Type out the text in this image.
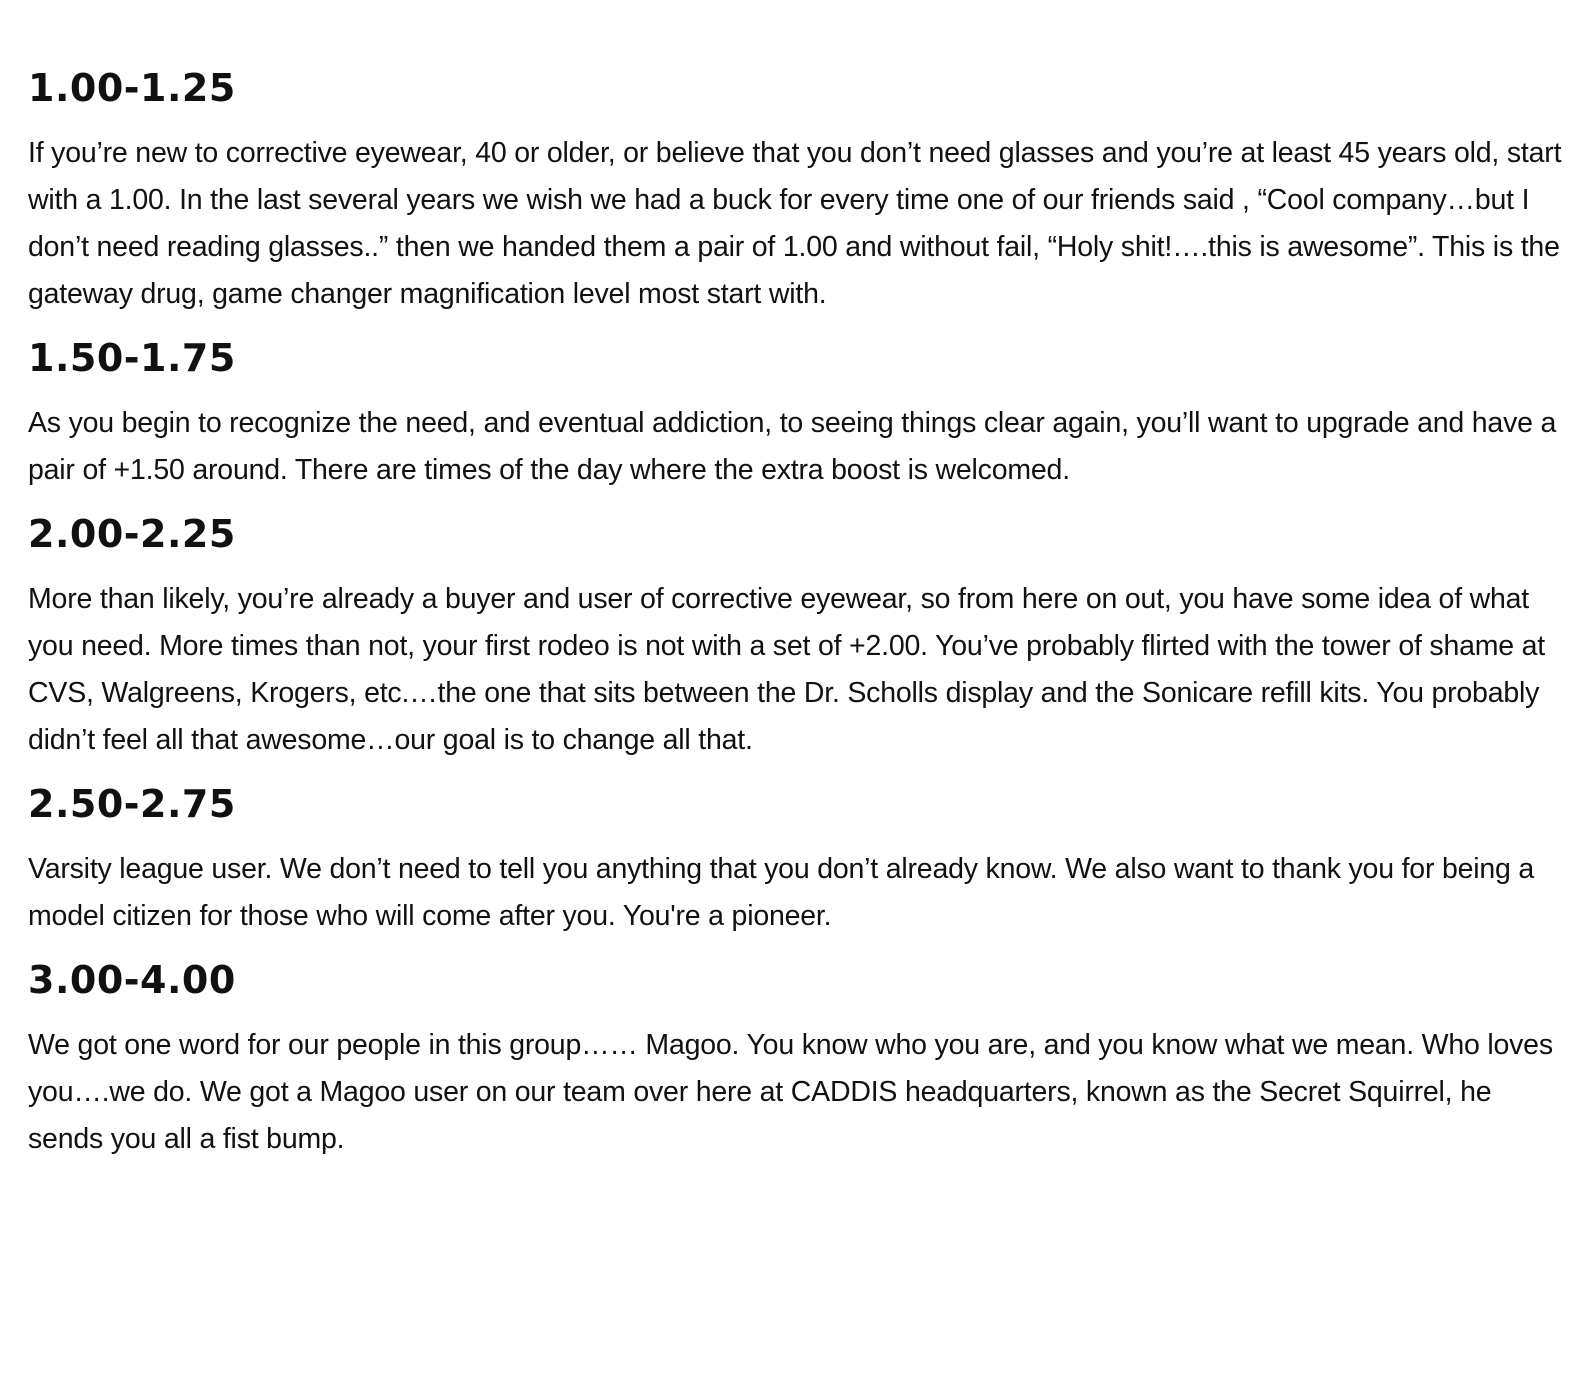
1.00-1.25

If you’re new to corrective eyewear, 40 or older, or believe that you don’t need glasses and you’re at least 45 years old, start with a 1.00. In the last several years we wish we had a buck for every time one of our friends said , “Cool company…but I don’t need reading glasses..” then we handed them a pair of 1.00 and without fail, “Holy shit!….this is awesome”. This is the gateway drug, game changer magnification level most start with.

1.50-1.75

As you begin to recognize the need, and eventual addiction, to seeing things clear again, you’ll want to upgrade and have a pair of +1.50 around. There are times of the day where the extra boost is welcomed.

2.00-2.25

More than likely, you’re already a buyer and user of corrective eyewear, so from here on out, you have some idea of what you need. More times than not, your first rodeo is not with a set of +2.00. You’ve probably flirted with the tower of shame at CVS, Walgreens, Krogers, etc.…the one that sits between the Dr. Scholls display and the Sonicare refill kits. You probably didn’t feel all that awesome…our goal is to change all that.

2.50-2.75

Varsity league user. We don’t need to tell you anything that you don’t already know. We also want to thank you for being a model citizen for those who will come after you. You're a pioneer.

3.00-4.00

We got one word for our people in this group…… Magoo. You know who you are, and you know what we mean. Who loves you….we do. We got a Magoo user on our team over here at CADDIS headquarters, known as the Secret Squirrel, he sends you all a fist bump.
